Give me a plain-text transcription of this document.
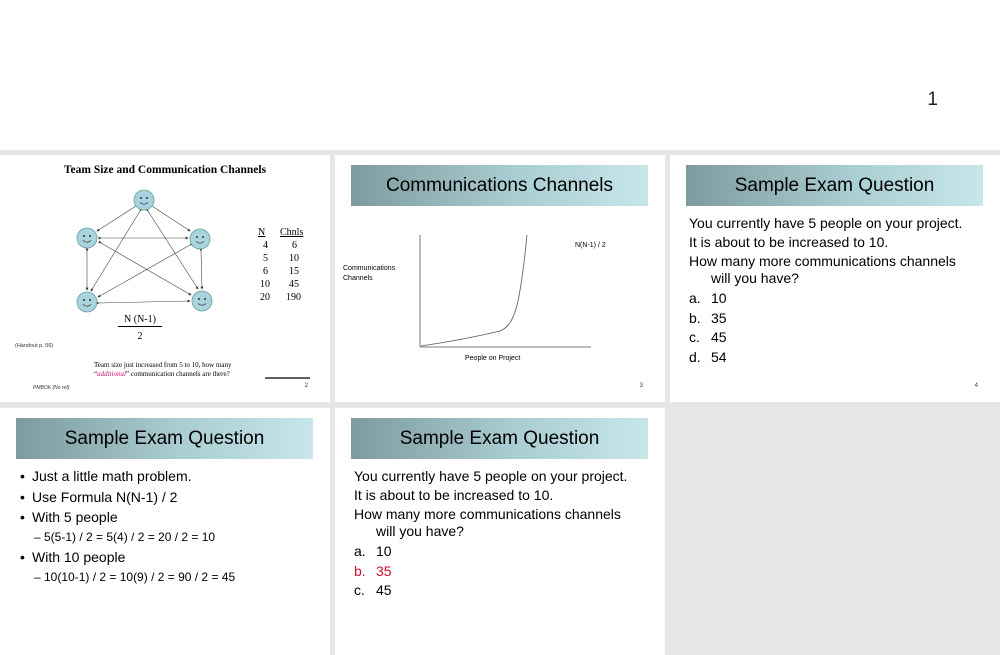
1
Team Size and Communication Channels
N	Chnls
4	6
5	10
6	15
10	45
20	190
$\frac{N (N-1)}{2}$
(Handout p. 56)
Team size just increased from 5 to 10, how many
“additional” communication channels are there?
PMBOK (No ref)	2
Communications Channels
Communications
Channels
People on Project
N(N-1) / 2
3
Sample Exam Question

You currently have 5 people on your project.

It is about to be increased to 10.

How many more communications channels

will you have?

a. 10
b. 35
c. 45
d. 54
4
Sample Exam Question
• Just a little math problem.
• Use Formula N(N-1) / 2
• With 5 people
– 5(5-1) / 2 = 5(4) / 2 = 20 / 2 = 10
• With 10 people
– 10(10-1) / 2 = 10(9) / 2 = 90 / 2 = 45
Sample Exam Question

You currently have 5 people on your project.

It is about to be increased to 10.

How many more communications channels

will you have?

a. 10
b. 35
c. 45
